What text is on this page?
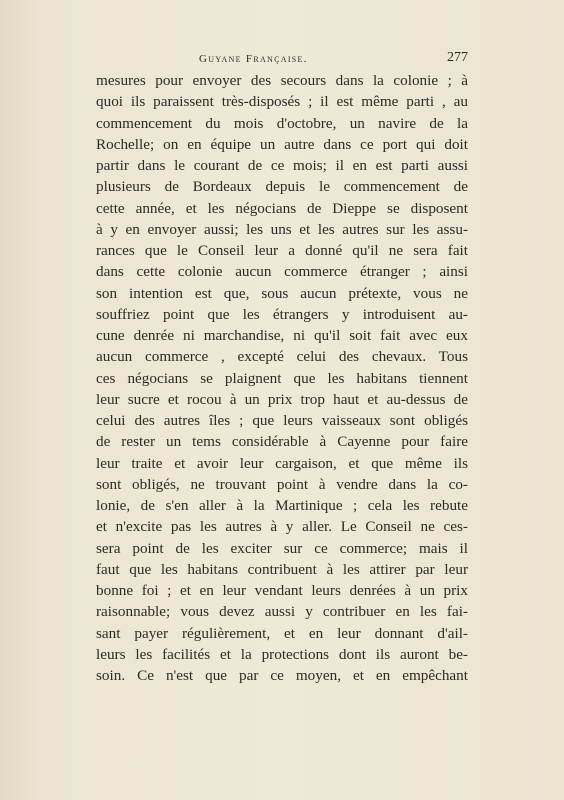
Guyane Française.	277
mesures pour envoyer des secours dans la colonie ; à
quoi ils paraissent très-disposés ; il est même parti , au
commencement du mois d'octobre, un navire de la
Rochelle; on en équipe un autre dans ce port qui doit
partir dans le courant de ce mois; il en est parti aussi
plusieurs de Bordeaux depuis le commencement de
cette année, et les négocians de Dieppe se disposent
à y en envoyer aussi; les uns et les autres sur les assu-
rances que le Conseil leur a donné qu'il ne sera fait
dans cette colonie aucun commerce étranger ; ainsi
son intention est que, sous aucun prétexte, vous ne
souffriez point que les étrangers y introduisent au-
cune denrée ni marchandise, ni qu'il soit fait avec eux
aucun commerce , excepté celui des chevaux. Tous
ces négocians se plaignent que les habitans tiennent
leur sucre et rocou à un prix trop haut et au-dessus de
celui des autres îles ; que leurs vaisseaux sont obligés
de rester un tems considérable à Cayenne pour faire
leur traite et avoir leur cargaison, et que même ils
sont obligés, ne trouvant point à vendre dans la co-
lonie, de s'en aller à la Martinique ; cela les rebute
et n'excite pas les autres à y aller. Le Conseil ne ces-
sera point de les exciter sur ce commerce; mais il
faut que les habitans contribuent à les attirer par leur
bonne foi ; et en leur vendant leurs denrées à un prix
raisonnable; vous devez aussi y contribuer en les fai-
sant payer régulièrement, et en leur donnant d'ail-
leurs les facilités et la protections dont ils auront be-
soin. Ce n'est que par ce moyen, et en empêchant
